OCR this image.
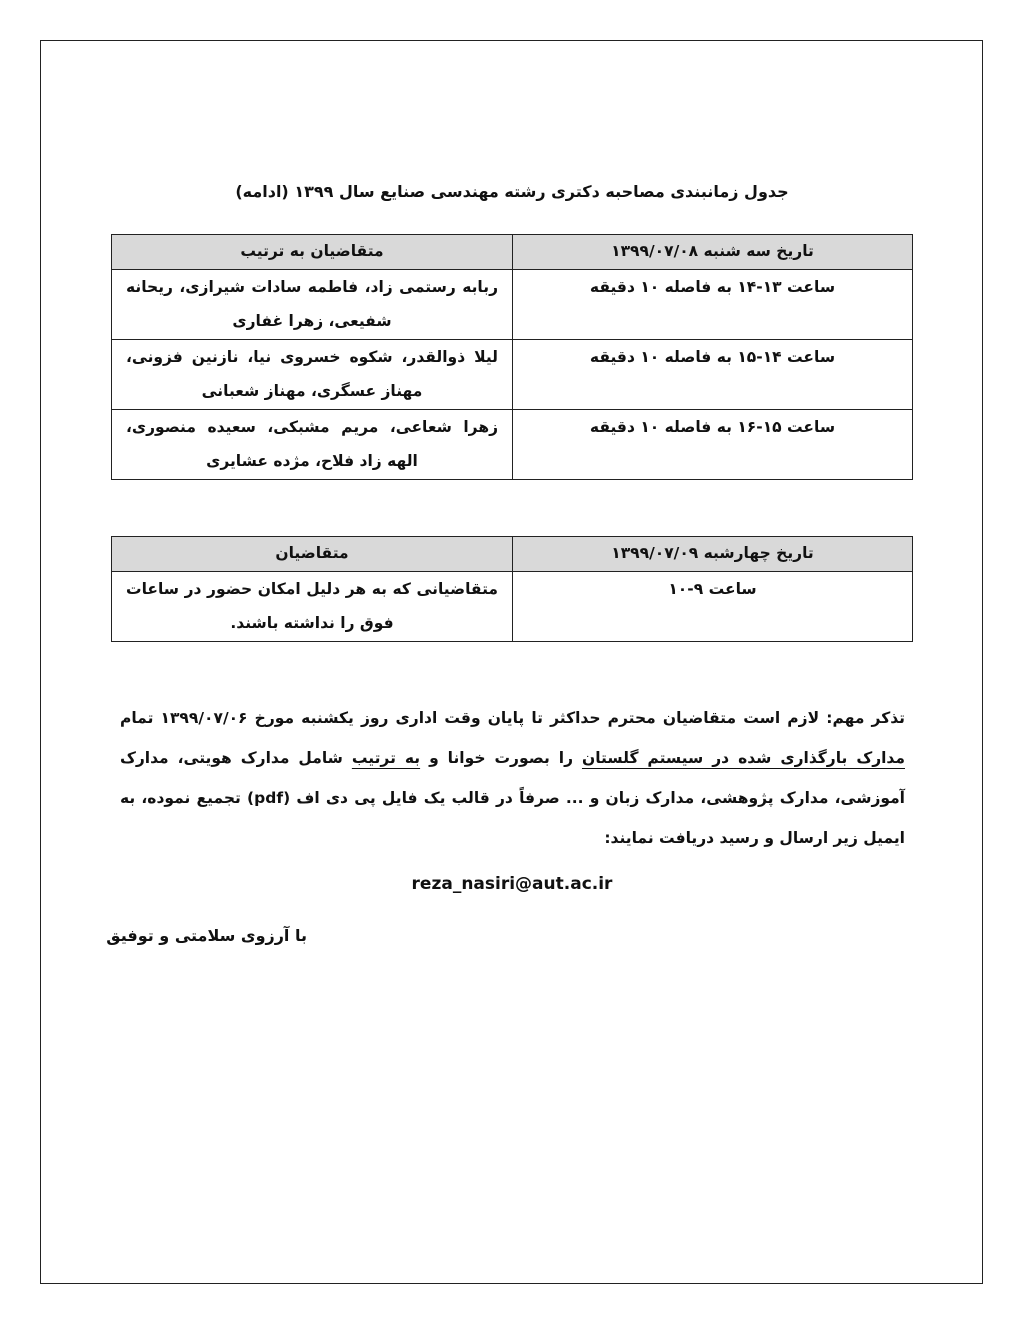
جدول زمانبندی مصاحبه دکتری رشته مهندسی صنایع سال ۱۳۹۹ (ادامه)
تاریخ سه شنبه ۱۳۹۹/۰۷/۰۸	متقاضیان به ترتیب
ساعت ۱۳-۱۴ به فاصله ۱۰ دقیقه	ربابه رستمی زاد، فاطمه سادات شیرازی، ریحانه شفیعی، زهرا غفاری
ساعت ۱۴-۱۵ به فاصله ۱۰ دقیقه	لیلا ذوالقدر، شکوه خسروی نیا، نازنین فزونی، مهناز عسگری، مهناز شعبانی
ساعت ۱۵-۱۶ به فاصله ۱۰ دقیقه	زهرا شعاعی، مریم مشبکی، سعیده منصوری، الهه زاد فلاح، مژده عشایری
تاریخ چهارشبه ۱۳۹۹/۰۷/۰۹	متقاضیان
ساعت ۹-۱۰	متقاضیانی که به هر دلیل امکان حضور در ساعات فوق را نداشته باشند.
تذکر مهم: لازم است متقاضیان محترم حداکثر تا پایان وقت اداری روز یکشنبه مورخ ۱۳۹۹/۰۷/۰۶ تمام مدارک بارگذاری شده در سیستم گلستان را بصورت خوانا و به ترتیب شامل مدارک هویتی، مدارک آموزشی، مدارک پژوهشی، مدارک زبان و ... صرفاً در قالب یک فایل پی دی اف (pdf) تجمیع نموده، به ایمیل زیر ارسال و رسید دریافت نمایند:
reza_nasiri@aut.ac.ir
با آرزوی سلامتی و توفیق
